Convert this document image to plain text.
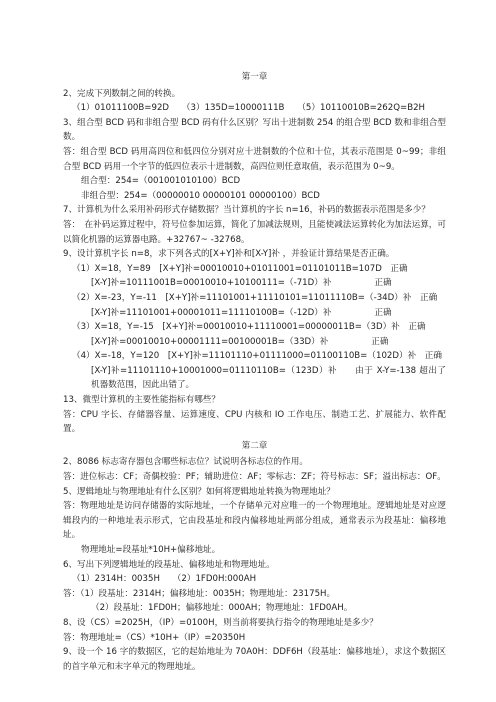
第一章

2、完成下列数制之间的转换。

（1）01011100B=92D　　（3）135D=10000111B　　（5）10110010B=262Q=B2H

3、组合型 BCD 码和非组合型 BCD 码有什么区别？写出十进制数 254 的组合型 BCD 数和非组合型数。

答：组合型 BCD 码用高四位和低四位分别对应十进制数的个位和十位，其表示范围是 0~99；非组合型 BCD 码用一个字节的低四位表示十进制数，高四位则任意取值，表示范围为 0~9。

组合型：254=（001001010100）BCD

非组合型：254=（00000010 00000101 00000100）BCD

7、计算机为什么采用补码形式存储数据？当计算机的字长 n=16，补码的数据表示范围是多少？

答：　在补码运算过程中，符号位参加运算，简化了加减法规则，且能使减法运算转化为加法运算，可以简化机器的运算器电路。+32767~ -32768。

9、设计算机字长 n=8，求下列各式的[X+Y]补和[X-Y]补 ，并验证计算结果是否正确。

（1）X=18，Y=89　[X+Y]补=00010010+01011001=01101011B=107D　正确

[X-Y]补=10111001B=00010010+10100111=（-71D）补　　　　　正确

（2）X=-23，Y=-11　[X+Y]补=11101001+11110101=11011110B=（-34D）补　正确

[X-Y]补=11101001+00001011=11110100B=（-12D）补　　　　　正确

（3）X=18，Y=-15　[X+Y]补=00010010+11110001=00000011B=（3D）补　正确

[X-Y]补=00010010+00001111=00100001B=（33D）补　　　　　正确

（4）X=-18，Y=120　[X+Y]补=11101110+01111000=01100110B=（102D）补　正确

[X-Y]补=11101110+10001000=01110110B=（123D）补　　由于 X-Y=-138 超出了机器数范围，因此出错了。

13、微型计算机的主要性能指标有哪些？

答：CPU 字长、存储器容量、运算速度、CPU 内核和 IO 工作电压、制造工艺、扩展能力、软件配置。

第二章

2、8086 标志寄存器包含哪些标志位？试说明各标志位的作用。

答：进位标志：CF；奇偶校验：PF；辅助进位：AF；零标志：ZF；符号标志：SF；溢出标志：OF。

5、逻辑地址与物理地址有什么区别？如何将逻辑地址转换为物理地址？

答：物理地址是访问存储器的实际地址，一个存储单元对应唯一的一个物理地址。逻辑地址是对应逻辑段内的一种地址表示形式，它由段基址和段内偏移地址两部分组成，通常表示为段基址：偏移地址。

物理地址=段基址*10H+偏移地址。

6、写出下列逻辑地址的段基址、偏移地址和物理地址。

（1）2314H：0035H　　（2）1FD0H:000AH

答：（1）段基址：2314H；偏移地址：0035H；物理地址：23175H。

（2）段基址：1FD0H；偏移地址：000AH；物理地址：1FD0AH。

8、设（CS）=2025H，（IP）=0100H，则当前将要执行指令的物理地址是多少？

答：物理地址=（CS）*10H+（IP）=20350H

9、设一个 16 字的数据区，它的起始地址为 70A0H：DDF6H（段基址：偏移地址），求这个数据区的首字单元和末字单元的物理地址。
